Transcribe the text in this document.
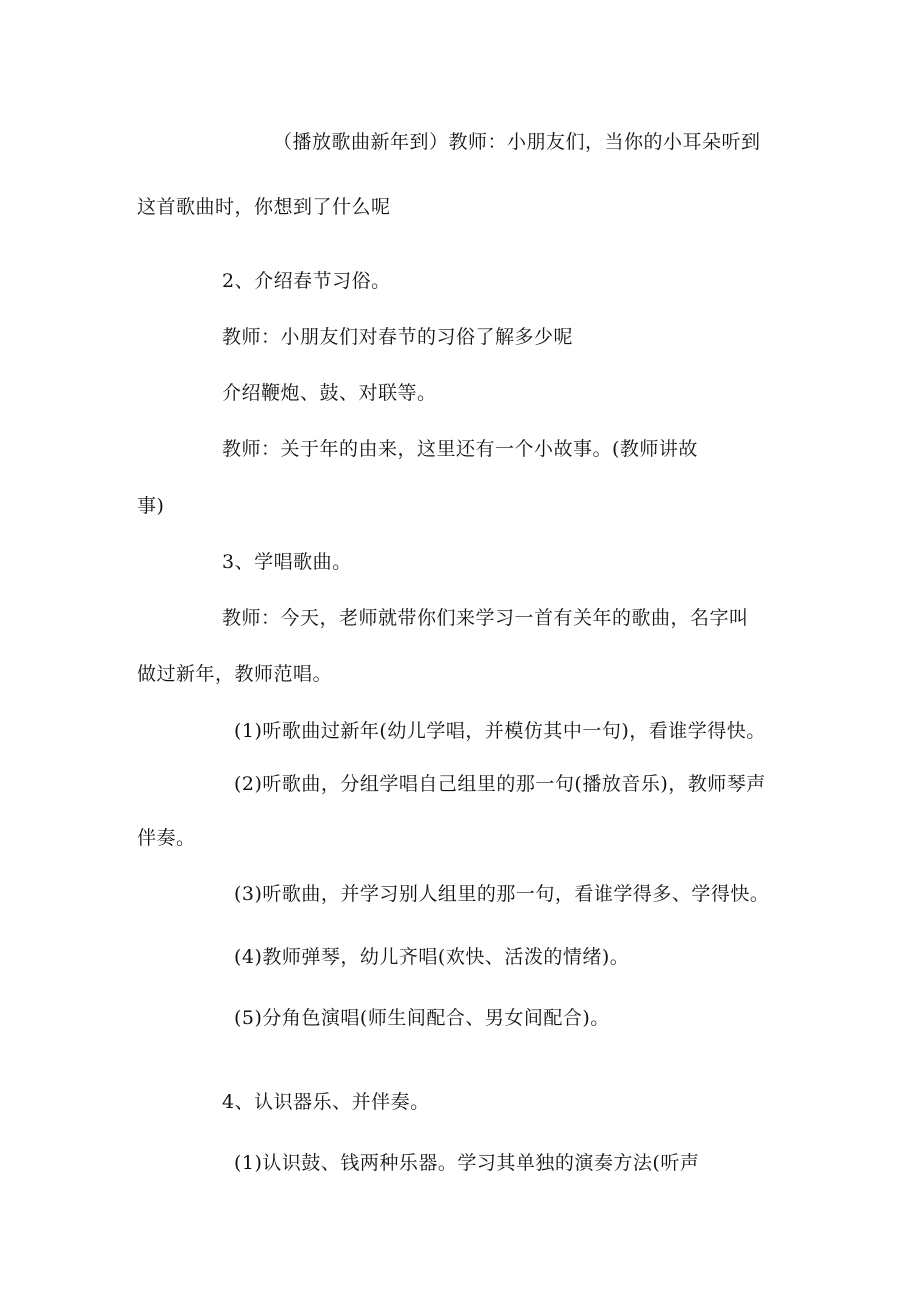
（播放歌曲新年到）教师：小朋友们，当你的小耳朵听到
这首歌曲时，你想到了什么呢
2、介绍春节习俗。
教师：小朋友们对春节的习俗了解多少呢
介绍鞭炮、鼓、对联等。
教师：关于年的由来，这里还有一个小故事。(教师讲故
事)
3、学唱歌曲。
教师：今天，老师就带你们来学习一首有关年的歌曲，名字叫
做过新年，教师范唱。
(1)听歌曲过新年(幼儿学唱，并模仿其中一句)，看谁学得快。
(2)听歌曲，分组学唱自己组里的那一句(播放音乐)，教师琴声
伴奏。
(3)听歌曲，并学习别人组里的那一句，看谁学得多、学得快。
(4)教师弹琴，幼儿齐唱(欢快、活泼的情绪)。
(5)分角色演唱(师生间配合、男女间配合)。
4、认识器乐、并伴奏。
(1)认识鼓、钱两种乐器。学习其单独的演奏方法(听声
